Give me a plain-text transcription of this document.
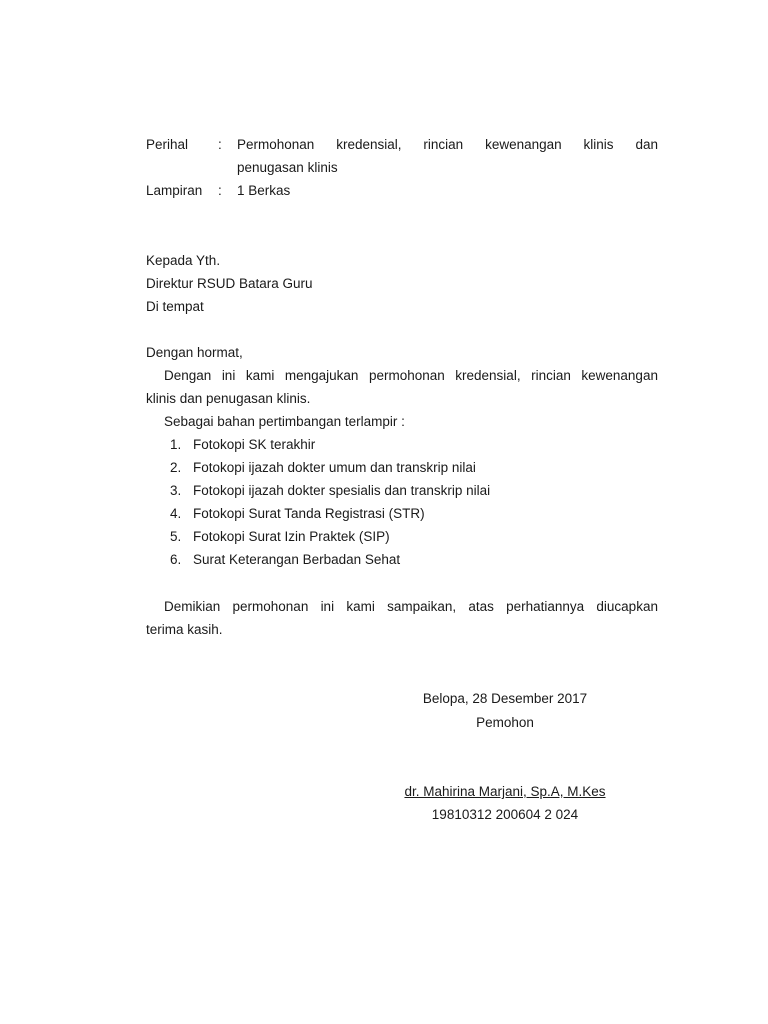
Perihal	:	Permohonan kredensial, rincian kewenangan klinis dan
penugasan klinis
Lampiran	:	1 Berkas
Kepada Yth.
Direktur RSUD Batara Guru
Di tempat
Dengan hormat,
Dengan ini kami mengajukan permohonan kredensial, rincian kewenangan
klinis dan penugasan klinis.
Sebagai bahan pertimbangan terlampir :
1. Fotokopi SK terakhir
2. Fotokopi ijazah dokter umum dan transkrip nilai
3. Fotokopi ijazah dokter spesialis dan transkrip nilai
4. Fotokopi Surat Tanda Registrasi (STR)
5. Fotokopi Surat Izin Praktek (SIP)
6. Surat Keterangan Berbadan Sehat
Demikian permohonan ini kami sampaikan, atas perhatiannya diucapkan
terima kasih.
Belopa, 28 Desember 2017
Pemohon
dr. Mahirina Marjani, Sp.A, M.Kes
19810312 200604 2 024
